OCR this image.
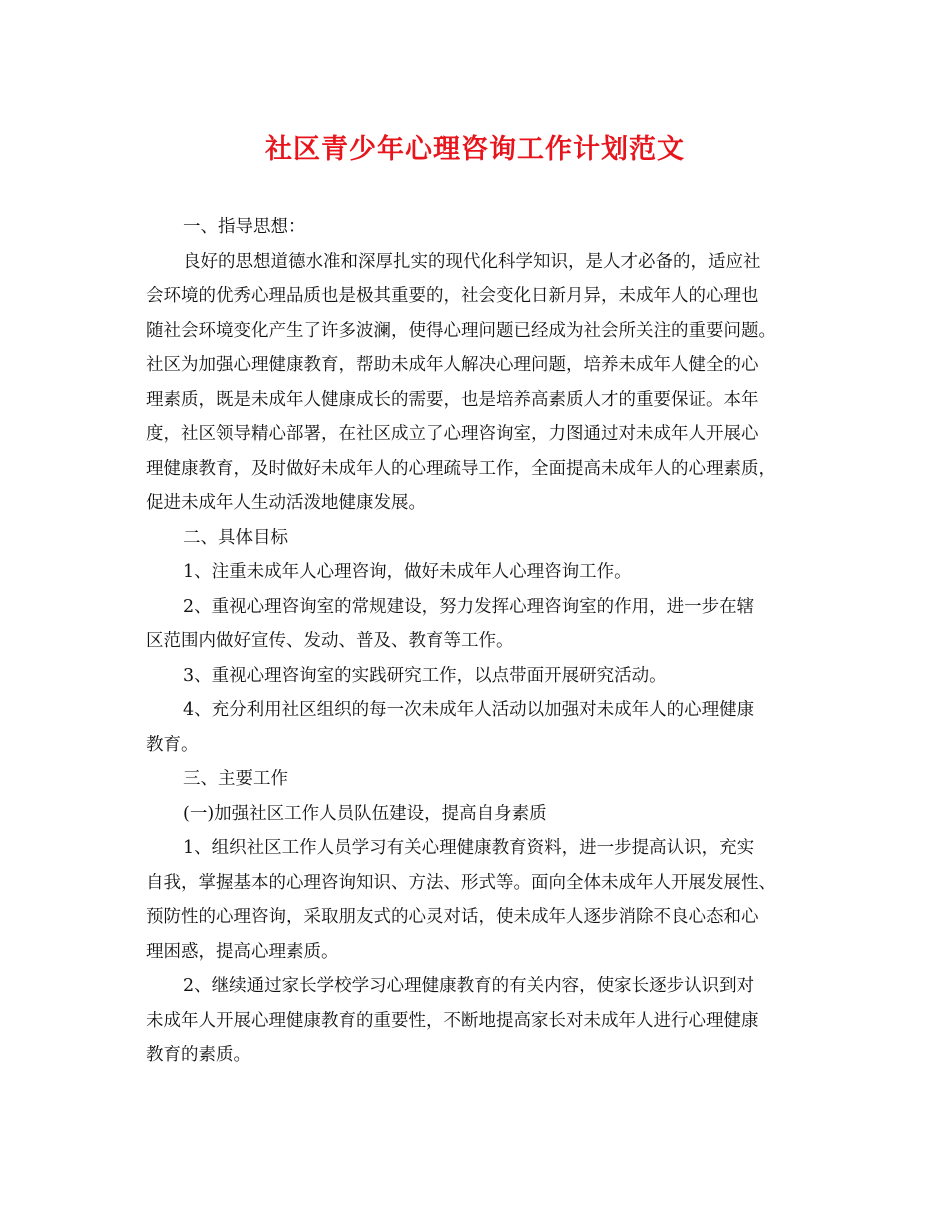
社区青少年心理咨询工作计划范文
一、指导思想：
良好的思想道德水准和深厚扎实的现代化科学知识，是人才必备的，适应社
会环境的优秀心理品质也是极其重要的，社会变化日新月异，未成年人的心理也
随社会环境变化产生了许多波澜，使得心理问题已经成为社会所关注的重要问题。
社区为加强心理健康教育，帮助未成年人解决心理问题，培养未成年人健全的心
理素质，既是未成年人健康成长的需要，也是培养高素质人才的重要保证。本年
度，社区领导精心部署，在社区成立了心理咨询室，力图通过对未成年人开展心
理健康教育，及时做好未成年人的心理疏导工作，全面提高未成年人的心理素质，
促进未成年人生动活泼地健康发展。
二、具体目标
1、注重未成年人心理咨询，做好未成年人心理咨询工作。
2、重视心理咨询室的常规建设，努力发挥心理咨询室的作用，进一步在辖
区范围内做好宣传、发动、普及、教育等工作。
3、重视心理咨询室的实践研究工作，以点带面开展研究活动。
4、充分利用社区组织的每一次未成年人活动以加强对未成年人的心理健康
教育。
三、主要工作
(一)加强社区工作人员队伍建设，提高自身素质
1、组织社区工作人员学习有关心理健康教育资料，进一步提高认识，充实
自我，掌握基本的心理咨询知识、方法、形式等。面向全体未成年人开展发展性、
预防性的心理咨询，采取朋友式的心灵对话，使未成年人逐步消除不良心态和心
理困惑，提高心理素质。
2、继续通过家长学校学习心理健康教育的有关内容，使家长逐步认识到对
未成年人开展心理健康教育的重要性，不断地提高家长对未成年人进行心理健康
教育的素质。
